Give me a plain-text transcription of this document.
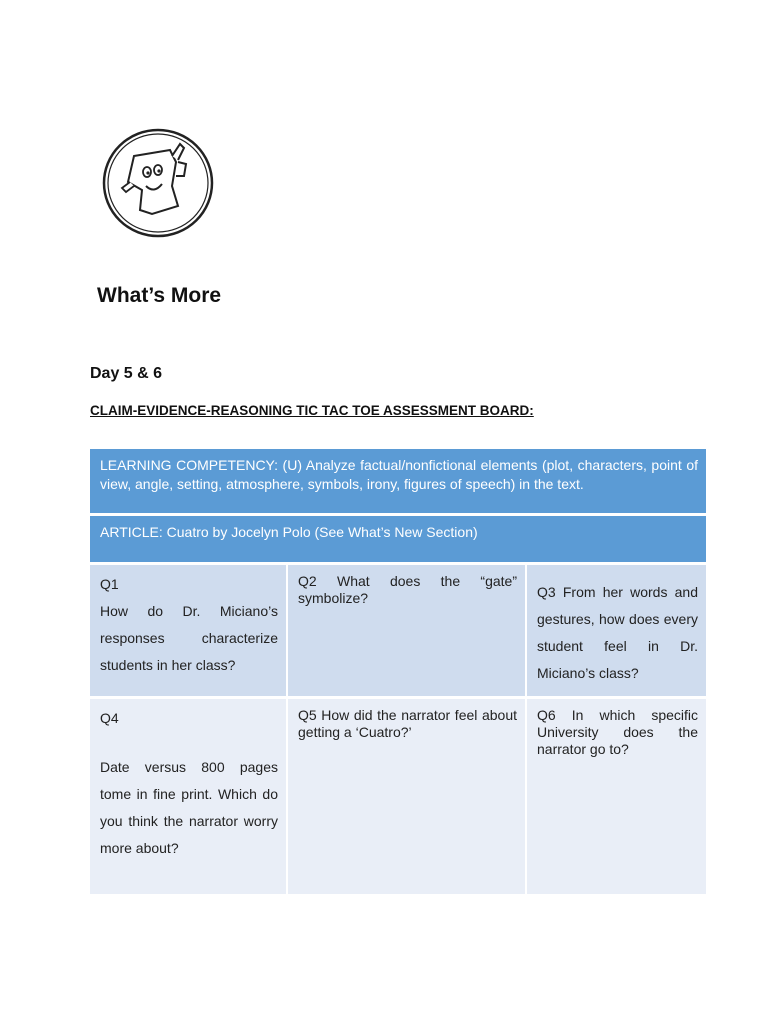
What’s More
Day 5 & 6
CLAIM-EVIDENCE-REASONING TIC TAC TOE ASSESSMENT BOARD:
LEARNING COMPETENCY: (U) Analyze factual/nonfictional elements (plot, characters, point of view, angle, setting, atmosphere, symbols, irony, figures of speech) in the text.
ARTICLE: Cuatro by Jocelyn Polo (See What’s New Section)
Q1
How do Dr. Miciano’s responses characterize students in her class?
Q2 What does the “gate” symbolize?	Q3 From her words and gestures, how does every student feel in Dr. Miciano’s class?
Q4
Date versus 800 pages tome in fine print. Which do you think the narrator worry more about?
Q5 How did the narrator feel about getting a ‘Cuatro?’
Q6 In which specific University does the narrator go to?
